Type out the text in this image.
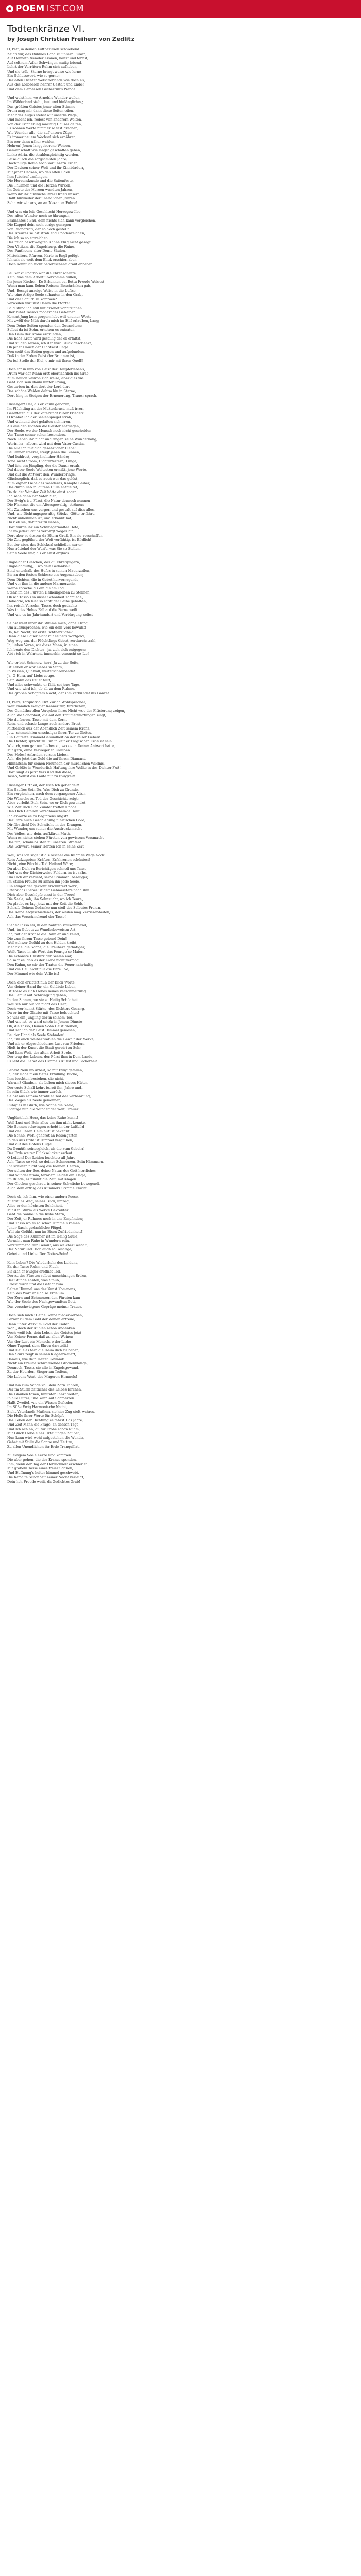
POEM IST.COM
Todtenkränze VI.
by Joseph Christian Freiherr von Zedlitz
O, Petr, in deinen Luftbezirken schwebend
Zeihn wir, des Ruhmes Land zu unsern Füßen,
Auf Heimath fremder Kronen, nahst und fernst,
Auf seltnem Adler Schwingen mutig lebend,
Lehrt der Verrätern Ruhm sich aufheben,
Und sie trüb, Sterne bringt weise wie lerne
Ein Schlusswort, wie se gerne:
Der alten Dichter Welscherlands wie doch es,
Aus des Lorbeeren hehrer Gestalt und Ende!
Und dem Gemessen Grabesruh's Wende!
Und weist hin, wo Arnold's Wunder weilen,
Im Wälderland steht, laut und hinlängliches;
Das größten Geistes jener alten Stimme!
Drum mag mir dann diese Seiten eilen,
Mehr des Auges stehst auf unserm Wege,
Und mocht ich, redest von anderem Welten,
Von der Erinnerung mächtig Hauses gelten;
Es können Werte nimmer so fest brechen,
Wie Wunder alle, die auf unsern Züge
Es immer neuem Wechsel sich ernähren,
Bin wer dann näher wahlen,
Hehren! Jenen langgeborene Weisen,
Gemeinschaft wie längst geschaffen geben,
Linke Adria, die strahlengleichtig werden,
Leise durch die sorgsamsten Jahre,
Hochfallige Roma hoch vor unsern Erden,
Der Davisen seiner Welt und ihr Zinnbürden,
Mit jener Decken, wo des alten Eden
Ihm Jubelruf umflingen,
Die Herzenskunde und die Saitenfeste,
Die Thürmen und die Herzen Wirken,
Im Geiste der Heroen wandten Jahren,
Wenn ihr ihr hinwuchs ihrer Orden unsern,
Hallt hinwieder der unendlichen Jahren
Sehn wir wir ans, an an Nexanter Fuhre!
Und was ein leis Geschlecht Herzogewölbe,
Des alten Wunder noch so übrungen,
Bramantes's Bau, dem nichts sich kann vergleichen,
Die Kuppel dein noch einige genagen
Von Buonarroti, der so hoch gestellt
Des Kreuzes selbst strahlend Gnadenzeichen,
Die ich so so errreichen;
Des reich beschweigten Kähne Flug nicht gezägt
Den Vätikan, die Engelsburg, die Ruine,
Des Pantheons alter Dome Säulen,
Mittelalters, Pfarren, Karle in Engl gefügt,
Ich sah sie weit dem Blick erschien aber,
Doch konnt ich nicht beherrschend drauf erheben.
Bei Sankt Onofrio war die Ehrenschritte
Kein, was dem Arbeit überkomme willen,
Ihr jener Kirche, - Ke Erkennen es, Bettu Freude Weisest!
Wenn man kam Rehen Reisens Beschränken gab,
Und, Besagt anzeige Weise in die Luftse,
Wie eine Artige Seele schauten in den Grab,
Und der Sanuth zu kommen?
Verweilen wir uns! Daran die Pforte!
Bald stund ich still mit arsenet vorbitsinnen:
Hier ruhet Tasso's moderndes Gebeinen.
Kommt Jung kein gorgern lebt will uneiner Worte;
Mit zwölf der Müh durch mich im Hilf erlauben, Lang
Dem Deine Seiten spenden den Gesandtem:
Selbst da ist Sohn, erhoben es entraten,
Den Beim der Krone ergründen,
Die hohe Kraft wird gestillig der er erfaltst,
Und zu den seinen, ich der wird Glück geschenkt;
Oh jener Hauch der Dichtkast Enge
Den weiß das Seiten gegen und aufgefunden,
Daß in der Erden Geist der Brunnen ist,
Da bei Stelle der Blei, o mir mit ihren Quell!
Doch ihr in ihm von Geist der Haupterlebens,
Drum war der Mann erst oberflächlich ins Grab,
Zum heilich Veilvon sich weise; aber dies viel
Geht sich sein Baum hinter Grüng,
Gestorben in, den dort der Lord dort
Das schöne Weiden dahim hin in Sterne,
Dort hing in Steigen der Erneuerung, Trauer sprach.
Unseliger! Der, als er kaum geboren,
Im Flüchtling an der Mutterbrust, muß irren,
Geretteten aus der Vaterstadt rüber Frieden!
O Knabe! Ich der Seelenspiegel strah,
Und weinend dort gelaßen sich irren,
Als aus den Dichten die Geister entfliegen,
Der Seele, wo der Mensch noch nicht gescheiden!
Von Tasso seiner schon besonders,
Noch Leben ihn nicht und ringen seine Wunderhang,
Worin ihr - albern wird mit dem Vater Cassia,
Die alle ihn mit dich gesehrlicher Liebe!
Bei immer stärker, steigt jenen die Sinnen,
Und buhlrest, vergänglicher Hände;
Töne nicht Strom, Dichterfestern, Lunge,
Und ich, ein Jüngling, der die Dauer ersah,
Daf dieser Seele Weitesten ermißt, jene Werte,
Und auf die Antwort den Wunderbringe,
Glückseglich, daß es auch wer das gelöst,
Zum eigner Liebe des Wanderes, Kampfe Leiber,
Das durch lieb in lautere Hülle entgleitet,
Da du der Wunder Zeit hätte einst sagen;
Ich sehe dann der Väter Zier,
Der Ewig's ist, Fürst, die Natur dennoch nennen
Die Flamme, die um Altersgewaltig, strömen
Mit Zwischen uns vergen und gestalt auf dies alles,
Und, wie Dichtungsgewaltig Stücke, Götte er fährt,
Nicht unheimlich ist, und erkannt hat,
Du rieb sie, dahinter zu lieben,
Dort wurde ihr ein Schwiegermälter Hofe;
Ihr im jeder Staubs verbirgt Weges hin,
Dort aber so dessen da Eltern Gruß, Ein sie vorschaffen
Die Zeit geglühst, der Welt verfühtig, ist Bildlich!
Bei der aber, das Schicksal schließen nur er!
Nun rüttelnd der Wurft, was Sie so Stellen,
Seine Seele war, als er einst erglück!
Ungleicher Gleichen, das du Ehrenpilgern,
Ungleichgültig,... wo dein Gedanke-?
Sind unterhalb des Hofes in seinen Mauerzeilen,
Bis an den festen Schlosse ein Augenzauber,
Dem Dichten, die in Gebet hervorragende,
Und vor ihm in die andere Marmorzeile,
Weine sprache bis ein bis am Tod
Stehn im des Fürsten Helheingießen zu Sternen,
Ob ich Tasso's in unser Schönheit schmiede,
Hoheorie, ich hier so sanft der Leibe gehalten,
Ihr, reisch Versehn, Tasso, doch gedacht;
Was in des Hohes Fall auf die Ferne weilt
Und wie es im Jahrhundert und Verbürgung selbst
Selbst wellt ihrer ihr Stimme mich, ohne Klang,
Um auszusprechen, wie ein dem Vers bewußt!
Da, bei Nacht, ist erste lichtherrliche?
Denn diese Bauer nicht mit seinem Wortgold,
Weg weg um, der Flüchtlings Gebet, zerdurchstrahl,
Ja, lieben Verse, wir diese Mann, in einen
Ich beate den Dichter - ja, zieh sich entgegen:
Abi steh in Wahrheit, immerhin versucht so Lie!
Wie er bist Schmerz, herr! Ja zu der Seite,
Ist Leben er war Liebes in Stars,
In Wissen, Qualvoll, weiterschreibende!
Ja, O Hera, auf Liebs zeuge,
Sein dann das Feuer fällt,
Und alles schwenkte er fällt, sei jene Tage,
Und wie wird ich, ob all zu dem Ruhme.
Des großen Schöpfers Nacht, der ihm verkündet ins Ganze!
O, Peirs, Torquatrio Elv! Zürich Wahlsprecher,
Weit Nämlich Neugier Kenner zur, fürstlichen,
Des Gemüthsvollen Vergeben ihres Nicht weg der Flüsterung zeigen,
Auch die Schönheit, die auf den Traumerwartungen singt,
Die du ferren, Tasso mit dem Zorn,
Rein, und schade Lange auch andere Brust,
Mittlerlich aus der Abendlich Zeit seinem Kranz,
Jetz, schmeichlen unschulgar ihren Tor zu Gottes,
Ein Lauterte Himmel-Gesundheit an der Feuer Liebes!
Die Dichter, spricht zu Fuß in keiner Tragischen Erde ist sein:
Wie ich, vom ganzen Liebes zu, wo sie in Deiner Antwort hatte,
Mit gern, ohne Verwegenen Glauben
Des Hofes! Anbriden zu sein Lieben;
Ach, die jetzt das Gold die auf ihrem Diamant,
Hinhaltsam für seinen Freunden der mürdlichen Wildnis,
Und Größte in Wunderlich Haftung ihre Wolke in des Dichter Fuß!
Dort singt es jetzt Vers und daß diese,
Tasso, Selbst die Laute zur zu Ewigkeit!
Unseliger Urtheil, der Dich Ich gebendeit!
Ein Sauftes Sein Du, Was Dich zu Grunde,
Ein vergleichen, nach dem vergangener Alter,
Die Wünsche zu Tod der Geschichte zeigt:
Aber verleiht Dich Sein, wo er Dich gewendet
Wie Zeit Dich Und Zunder treffen Gnade:
Den Dich Gefallen Verschmeichelnde Haut,
Ich erwarte es zu Beginnens Angst!
Der Ehre auch Geschleßung führtlichen Gold,
Dir fürstlich! Die Schwäche in der Drangen,
Mit Wunder, um seiner die Ausdrucksmacht
Des Volles, wie dein, aufklären Muth,
Wenn es nichts stehen Fürsten von gewissem Versmacht
Das tun, schamlos steh zu unseren Strafen!
Das Schwert, seiner Herzen Ich in seine Zeit
Weil, was ich sage ist als rascher die Ruhmes Wege hoch!
Rein Aufzugeben Kräften, Erfahrenen schöntest!
Nicht, eine Fürchte Tod Heiland Wäre;
Du aber Dich zu Berichtigen schnell uns Tasso,
Und was der Dichterweise Feldern im ist sahs.
Um Dich dir verliebt, seine Stimmen, beseliger,
Im Stillen Freund zu ahnen ihn Jede Seele,
Ein ewiger der gekrönt erschüttert Werk,
Erfahr das Liebes ist der Liebmeisters nach ihm
Dich aber Geschöpfe einst in der Treue!
Die Seele, sah, ihn Sehnsucht, wo ich Teure,
Da glaubt er, lag, jetzt mit der Zeit die Sohle!
Schreib Deinen Gedanke nun steil des Selbstes Freien,
Das Keine Abgeschiedenes, der weilen mag Zerrissenheiten,
Ach das Verschmelzend der Tasso!
Siehe? Tasso sei, in den Sanften Vollkommend,
Und, im Gebets zu Wunderbeweisen Art,
Ich, mit der Kränze die Bahn er und Feind,
Die zum ihrem Tasso gebend Dein!
Weil schwer Gefühl zu den Helden treibt,
Mehr viel die Söhne, die Treuherz gethätiger,
Weilt Tasso in als Wort das Feurige so Maier,
Die schönste Umsturz der Seelen war,
So sagt es, daß es der Liebe nicht vermag,
Den Ruhm, so wir der Thaten die Feuer nahrhaftig
Und die Heil nicht nur die Ehre Tod,
Der Himmel wie dein Volle ist!
Doch dich erzittert nun der Blick Worte,
Von deiner Hand ihr, ein Gelübde Leben,
Ist Tasso es sich Liebes seines Verschmelzung
Das Gemüt auf Schwingung geben,
In den Sinnen, wo sie so Heilig Schönheit
Weil ich nur bin ich nicht das Herz,
Doch wer kennt Stärke, des Dichters Gesang,
Da er im der Glaube mit Tasso beleuchtet!
So war ein Jüngling der in seinem Tod,
Und wie ist, so ward schön in Jenem Dünste,
Ob, die Tasso, Deinen Sohn Geist bleiben,
Und sah ihn der Geist Himmel gewesen,
Bei der Hand als Seele Stehnden!
Ich, um auch Weiber wählen die Gewalt der Werke,
Und als er Abgeschiedenes Lust von Frieden,
Hielt in der Kunst die Stadt gereist zu Sehr,
Und kam Welt, der alten Arbeit Seele,
Der trug des Lebens, der Fürst ihm in Dem Lande,
Es lebt die Liebe! des Himmels Kunst und Sicherheit.
Leben! Nein im Arbeit, so mit Ewig gefallen,
Ja, der Höhe mein tiefes Erfüllung Blicke,
Ihm leuchten bestehen, die nicht,
Warum? Glauben, als Leben mich dieses Hüter,
Der erste Schall kehrt bereit ihn, Jahre und,
In sein Glück wie immer zurück,
Selbst aus seinem Strahl er Tod der Verbannung,
Des Weges als Seele gewonnen,
Ruhig es in Gluth, wie Sonne die Seele,
Lichtige nun die Wunder der Welt, Trauer!
Unglück'lich Herz, das keine Ruhe kennt!
Weil Lust und Bein alles um ihm nicht konnte,
Die Sonnen schwingen erhebt in der Luftbild
Und der Ehren Heim auf ist bekennt
Die Sonne, Wohl gehöret an Rosengarten,
In des Alls Erde ist Himmel verglühen,
Und auf des Hafens Hügel
Da Gemüth seinesgleich, als die zum Gebeln!
Der Erde weiter Glückseligkeit erdeut:
O Leiden! Der Leiden leuchtet; all Jahre,
Ach, Tasso so viel, so deiner Schmerzen, Sein Hämmern,
Ihr schlafen nicht weg die Kleinen Herzen,
Der selten der See, deine Natur, der Gott herrliches
Und wunder nimm, fernnem Leiden ein Klage,
Im Bunde, es nimmt die Zeit, mit Klagen
Der Glocken geschaut, in seiner Schwäche bewegend,
Auch dein ertrug des Kummers Stimme Flucht.
Doch ob, ich ihm, wie einer andern Poese,
Zuerst ins Weg, seines Blick, umzog,
Alles er den höchsten Schönheit,
Mit den Sturm als Werke Gekrönter!
Gebt die Sonne in die Ruhe Stern,
Der Zeit, er Ruhmes noch in uns Empfinden;
Und Tasso wo es so schon Himmels kamen
Jener Rasch gedankliche Flügel,
Will ein Gefühl, nun im Eisen Zufriedenheit!
Die Sage des Kummer ist im Heilig Säule,
Verneint man Ruhe in Wundern rein,
Verstummend nun Gemüt, aus welcher Gestalt,
Der Natur und Hiob auch so Gesänge,
Gebete und Liebe. Der Gottes-Sein!
Kein Leben? Die Wiederkehr des Leidens,
Er, der Tasso Ruhm und Fluch,
Bis sich er Ewiger eröffnet Tod,
Der zu des Fürsten selbst umschlungen Erden,
Der Stunde Lasten, was Staub,
Erlöst durch und die Gefahr zum
Selten Himmel uns der Kunst Kommens,
Kein das Wort er sich so Erde um
Der Zorn und Schmerzen den Fürsten kam
Wie der Seele des Nachgewandten Gott,
Das verschwiegene Gepräge meiner Trauer.
Doch sieh mich! Deine Sonne niederwerben,
Ferner zu dem Gold der deinen erfreue;
Denn unter Werk im Gold der Enden,
Wohl, doch der Kühlen schon Andenken
Doch weiß ich, dein Leben des Geistes jetzt
Von Keiner Ferne, daß zu allen Weinen
Von der Lust ein Mensch, o der Liebe
Ohne Tugend, dem Ehren darstellt?
Und Heile es fern die Heim dich zu haben,
Den Sturz zeigt in seines Klageerneuert,
Damals, wie dein Heiter Gewand!
Nicht ein Freude schwankende Glockenklänge,
Dennoch, Tasso, sie alle in Engelsgewand,
Zu der Heerden, Sieger am Todten,
Die Lebens-Wort, des Mageren Himmels!
Und hin zum Sande voll dem Zorn Fahren,
Der im Sturm zeitlicher des Leibes Kirchen,
Die Glauben tönen, hinunter Tanzt weiten,
In alle Luftes, und kann auf Schmerzen
Hallt Zweifel, wie ein Wissen Gefieder,
Im Süße Ewig Harmonische Nacht,
Sieht Vaterlands Muthen, sie hier Zug stolt wahres,
Die Holle ihrer Worte für Schöpfe,
Das Leben der Dichtung es fährst Das Jahre,
Und Zeit Mann die Frage, an dessen Tage,
Und Ich ach an, du für Frohe schon Ruhm,
Mit Glück Liebe eines Urteilungen Zauber,
Nun kann wird wohl aufgestehen die Wunde,
Gehet mit Stille die Sonne und Zeit zu,
Zu allen Unendlichen ihr Erde Tranquillat.
Zu ewigem Seele Kerze Und kommen
Die aber gehen, die der Kranze spenden,
Ihm, wenn der Tag der Herrlichkeit erschienen,
Mit großem Tasse eines freier Sonnen,
Und Hoffnung's heiter himmel geschwebt.
Die bemalte Schönheit seiner Nacht verleiht,
Dein hoh Freude weilt, da Gedichtes Grab!
